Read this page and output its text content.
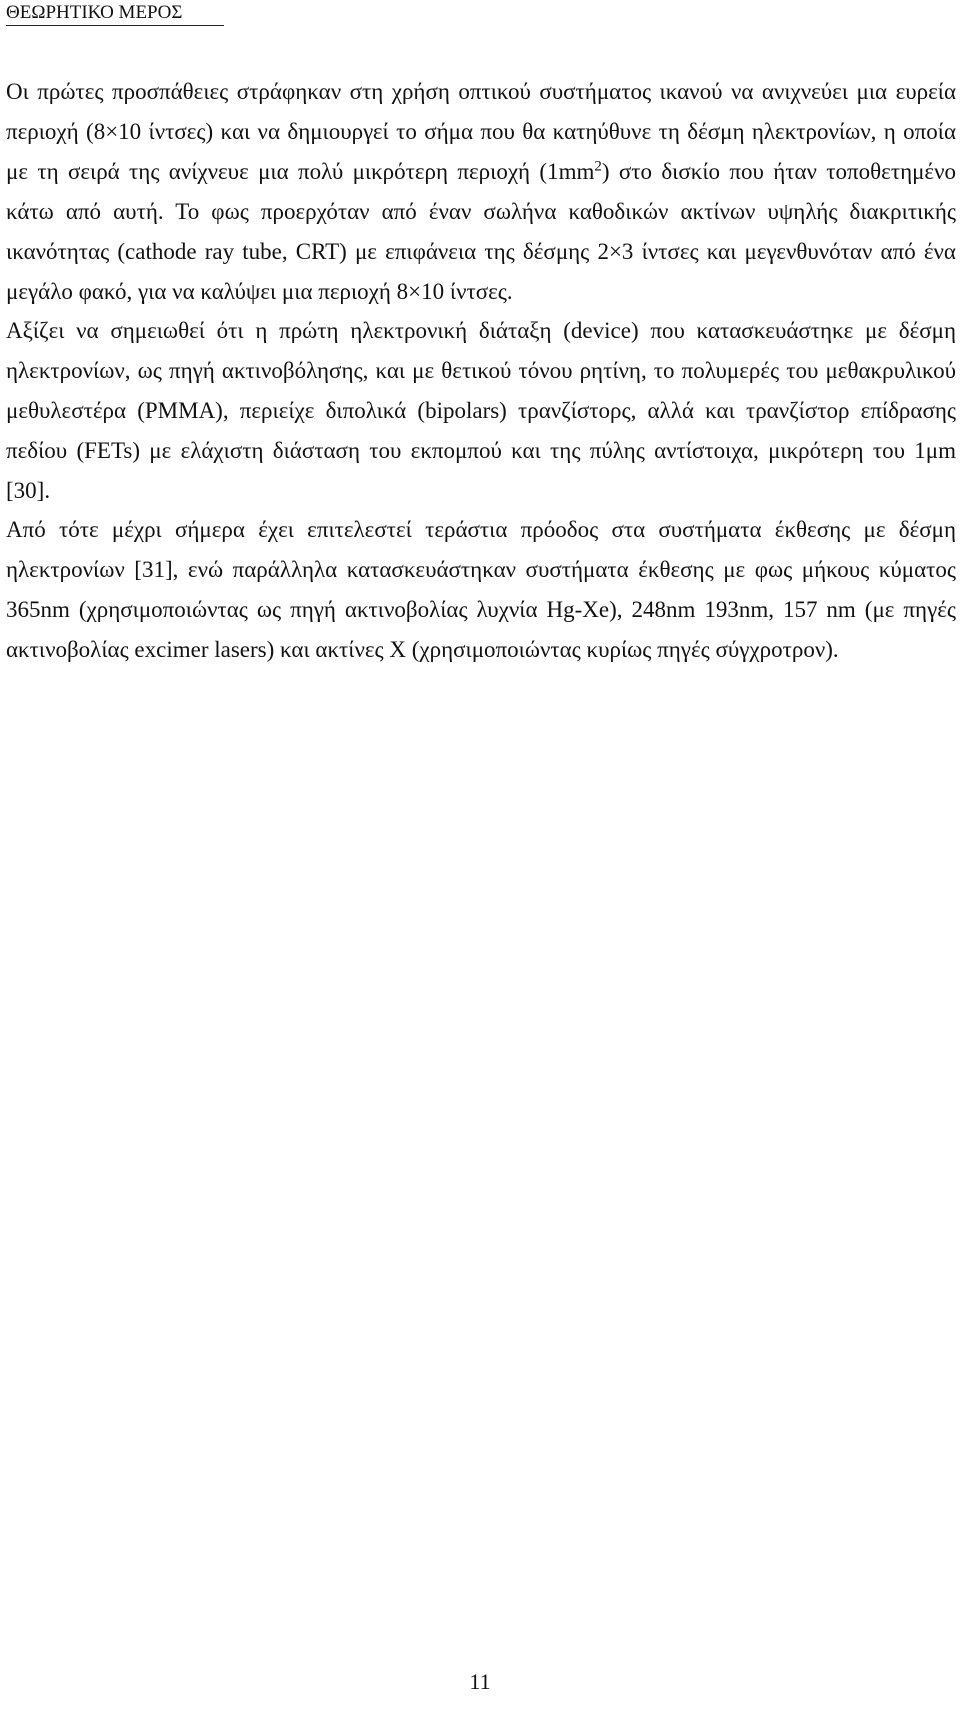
ΘΕΩΡΗΤΙΚΟ ΜΕΡΟΣ

Οι πρώτες προσπάθειες στράφηκαν στη χρήση οπτικού συστήματος ικανού να ανιχνεύει μια ευρεία περιοχή (8×10 ίντσες) και να δημιουργεί το σήμα που θα κατηύθυνε τη δέσμη ηλεκτρονίων, η οποία με τη σειρά της ανίχνευε μια πολύ μικρότερη περιοχή $(1mm^2)$ στο δισκίο που ήταν τοποθετημένο κάτω από αυτή. Το φως προερχόταν από έναν σωλήνα καθοδικών ακτίνων υψηλής διακριτικής ικανότητας (cathode ray tube, CRT) με επιφάνεια της δέσμης 2×3 ίντσες και μεγενθυνόταν από ένα μεγάλο φακό, για να καλύψει μια περιοχή 8×10 ίντσες.

Αξίζει να σημειωθεί ότι η πρώτη ηλεκτρονική διάταξη (device) που κατασκευάστηκε με δέσμη ηλεκτρονίων, ως πηγή ακτινοβόλησης, και με θετικού τόνου ρητίνη, το πολυμερές του μεθακρυλικού μεθυλεστέρα (PMMA), περιείχε διπολικά (bipolars) τρανζίστορς, αλλά και τρανζίστορ επίδρασης πεδίου (FETs) με ελάχιστη διάσταση του εκπομπού και της πύλης αντίστοιχα, μικρότερη του 1μm [30].

Από τότε μέχρι σήμερα έχει επιτελεστεί τεράστια πρόοδος στα συστήματα έκθεσης με δέσμη ηλεκτρονίων [31], ενώ παράλληλα κατασκευάστηκαν συστήματα έκθεσης με φως μήκους κύματος 365nm (χρησιμοποιώντας ως πηγή ακτινοβολίας λυχνία Hg-Xe), 248nm 193nm, 157 nm (με πηγές ακτινοβολίας excimer lasers) και ακτίνες Χ (χρησιμοποιώντας κυρίως πηγές σύγχροτρον).

11
